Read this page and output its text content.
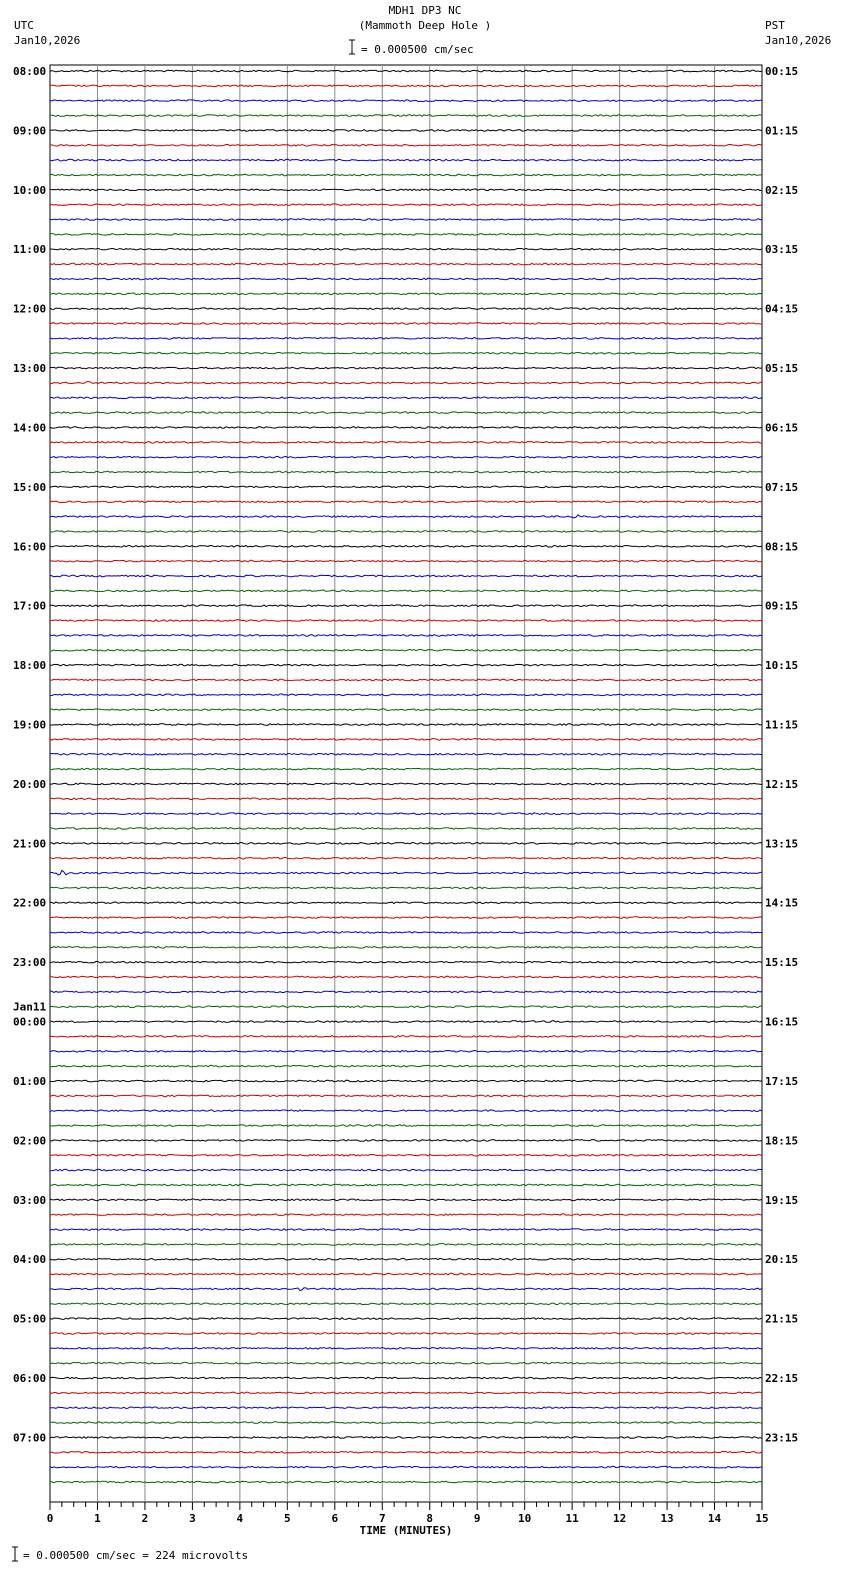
MDH1 DP3 NC
(Mammoth Deep Hole )
= 0.000500 cm/sec
UTC
Jan10,2026
PST
Jan10,2026
08:00	00:15
09:00	01:15
10:00	02:15
11:00	03:15
12:00	04:15
13:00	05:15
14:00	06:15
15:00	07:15
16:00	08:15
17:00	09:15
18:00	10:15
19:00	11:15
20:00	12:15
21:00	13:15
22:00	14:15
23:00	15:15
00:00	16:15
01:00	17:15
02:00	18:15
03:00	19:15
04:00	20:15
05:00	21:15
06:00	22:15
07:00	23:15
Jan11
0	1	2	3	4	5	6	7	8	9	10	11	12	13	14	15
TIME (MINUTES)
= 0.000500 cm/sec = 224 microvolts
